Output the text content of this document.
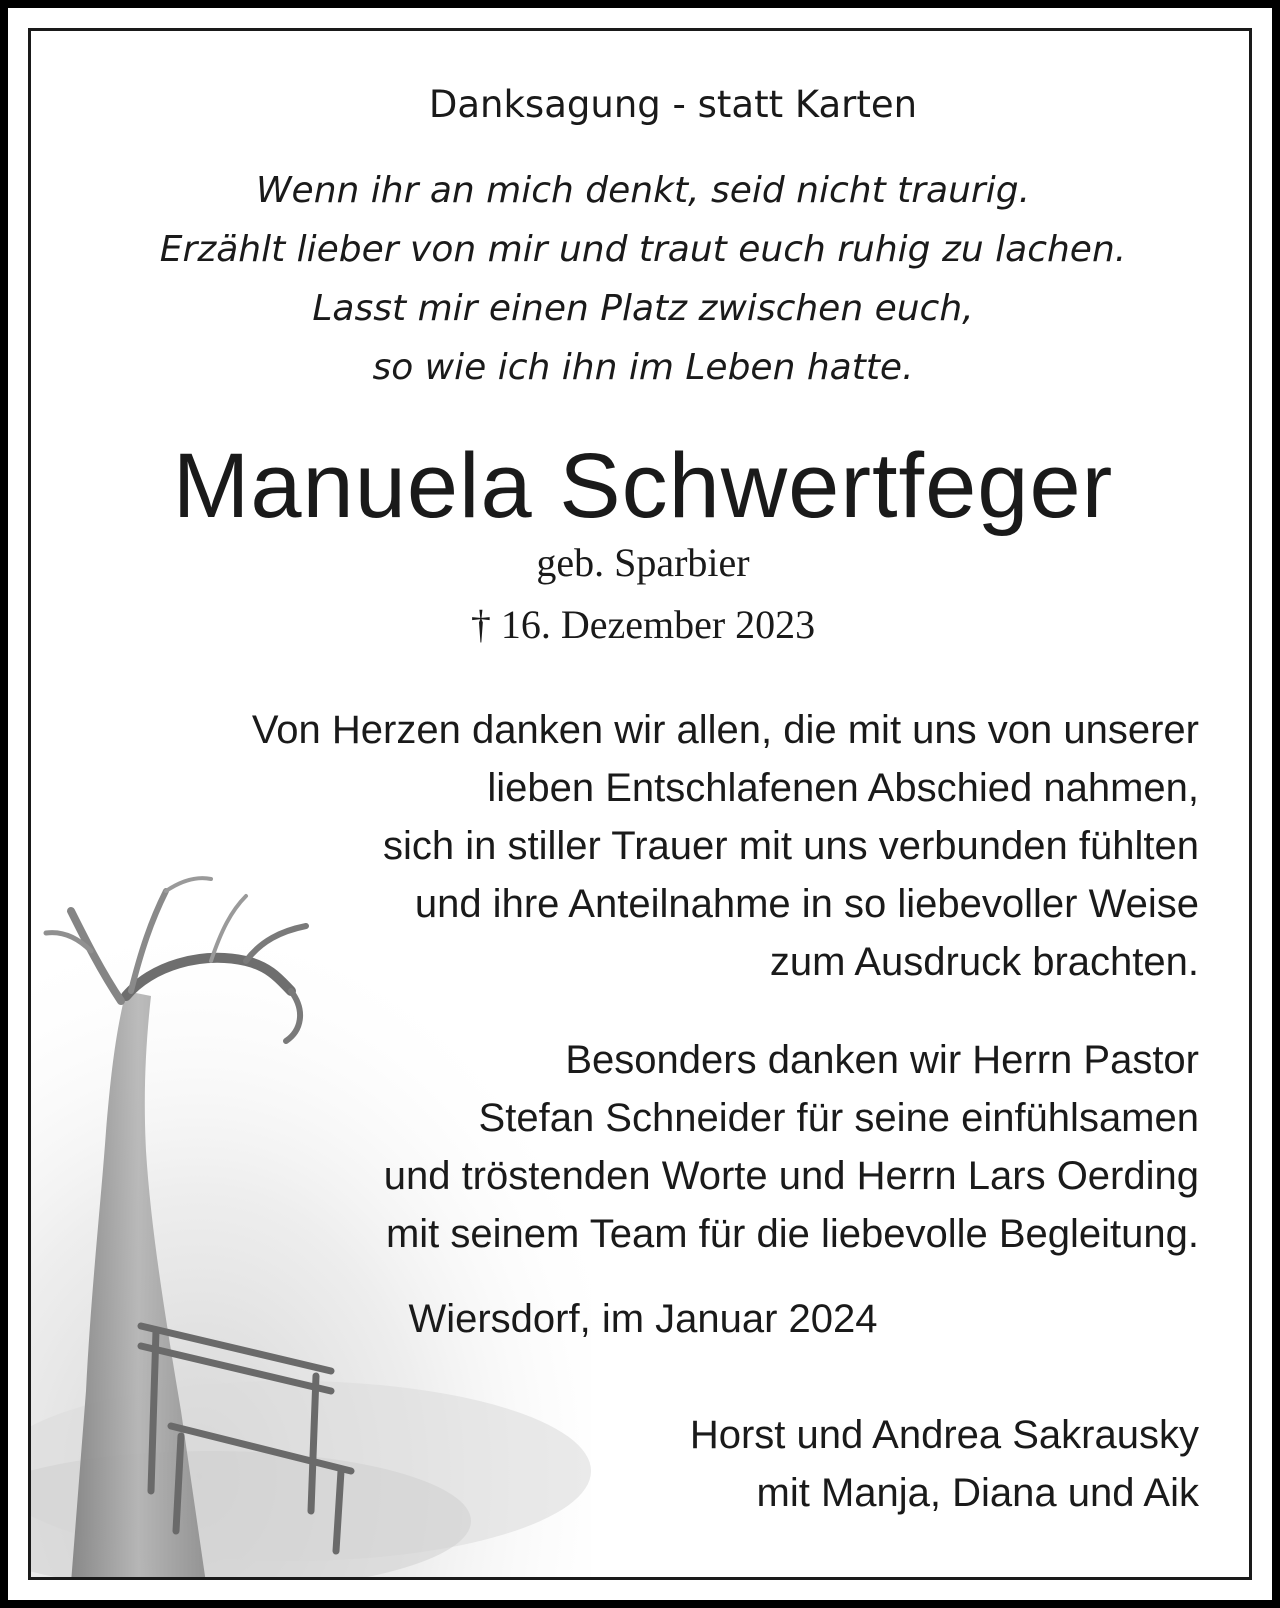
Danksagung - statt Karten

Wenn ihr an mich denkt, seid nicht traurig.
Erzählt lieber von mir und traut euch ruhig zu lachen.
Lasst mir einen Platz zwischen euch,
so wie ich ihn im Leben hatte.

Manuela Schwertfeger

geb. Sparbier

† 16. Dezember 2023

Von Herzen danken wir allen, die mit uns von unserer
lieben Entschlafenen Abschied nahmen,
sich in stiller Trauer mit uns verbunden fühlten
und ihre Anteilnahme in so liebevoller Weise
zum Ausdruck brachten.
Besonders danken wir Herrn Pastor
Stefan Schneider für seine einfühlsamen
und tröstenden Worte und Herrn Lars Oerding
mit seinem Team für die liebevolle Begleitung.

Wiersdorf, im Januar 2024

Horst und Andrea Sakrausky
mit Manja, Diana und Aik
